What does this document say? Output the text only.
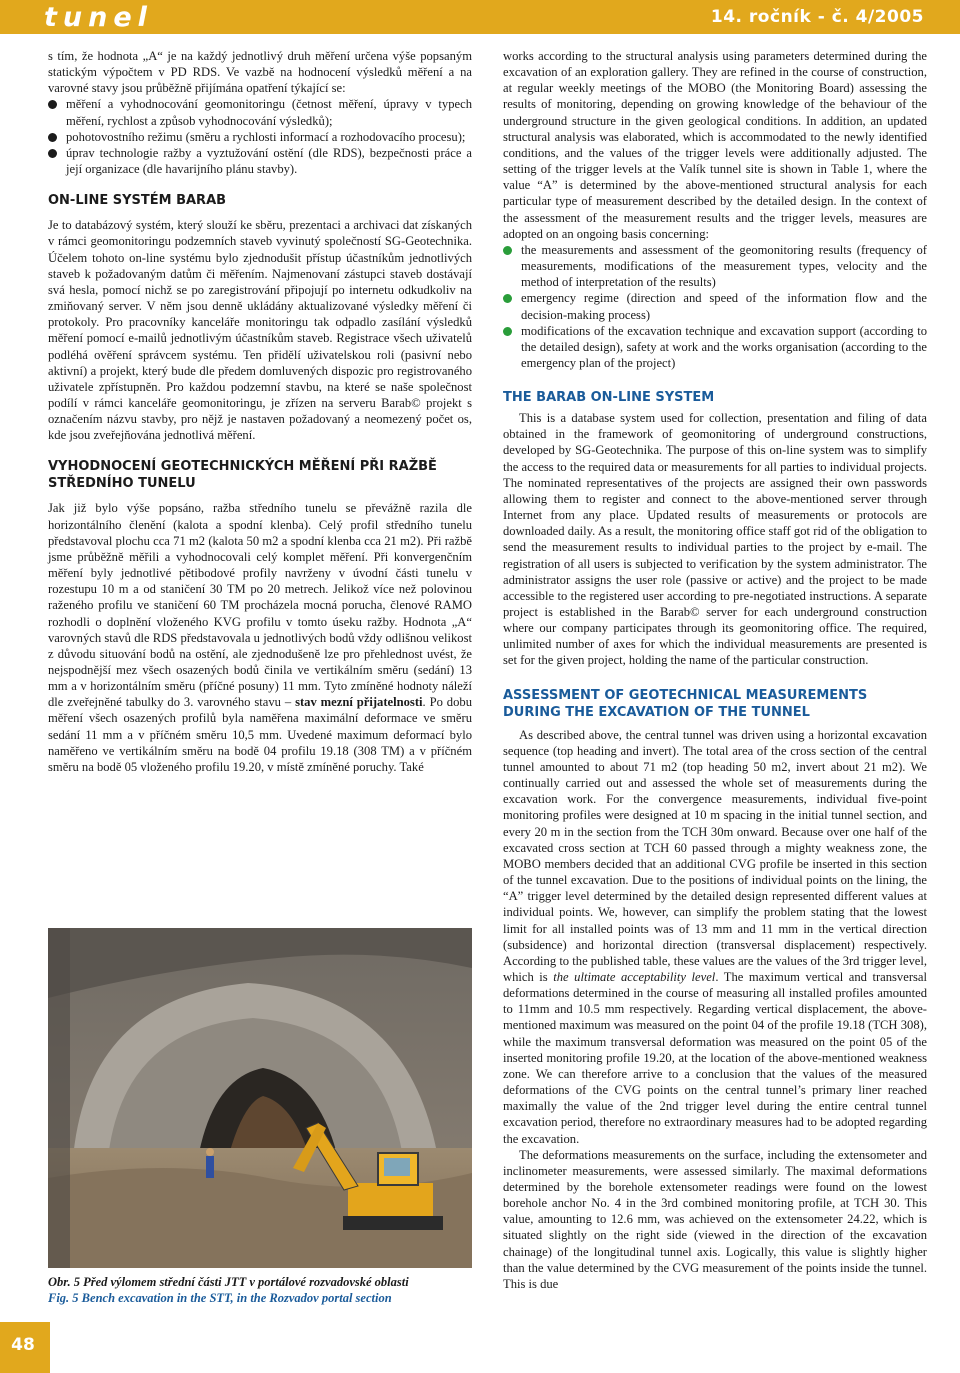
tunel	14. ročník - č. 4/2005

s tím, že hodnota „A“ je na každý jednotlivý druh měření určena výše popsaným statickým výpočtem v PD RDS. Ve vazbě na hodnocení výsledků měření a na varovné stavy jsou průběžně přijímána opatření týkající se:

měření a vyhodnocování geomonitoringu (četnost měření, úpravy v typech měření, rychlost a způsob vyhodnocování výsledků);

pohotovostního režimu (směru a rychlosti informací a rozhodovacího procesu);

úprav technologie ražby a vyztužování ostění (dle RDS), bezpečnosti práce a její organizace (dle havarijního plánu stavby).

ON-LINE SYSTÉM BARAB

Je to databázový systém, který slouží ke sběru, prezentaci a archivaci dat získaných v rámci geomonitoringu podzemních staveb vyvinutý společností SG-Geotechnika. Účelem tohoto on-line systému bylo zjednodušit přístup účastníkům jednotlivých staveb k požadovaným datům či měřením. Najmenovaní zástupci staveb dostávají svá hesla, pomocí nichž se po zaregistrování připojují po internetu odkudkoliv na zmiňovaný server. V něm jsou denně ukládány aktualizované výsledky měření či protokoly. Pro pracovníky kanceláře monitoringu tak odpadlo zasílání výsledků měření pomocí e-mailů jednotlivým účastníkům staveb. Registrace všech uživatelů podléhá ověření správcem systému. Ten přidělí uživatelskou roli (pasivní nebo aktivní) a projekt, který bude dle předem domluvených dispozic pro registrovaného uživatele zpřístupněn. Pro každou podzemní stavbu, na které se naše společnost podílí v rámci kanceláře geomonitoringu, je zřízen na serveru Barab© projekt s označením názvu stavby, pro nějž je nastaven požadovaný a neomezený počet os, kde jsou zveřejňována jednotlivá měření.

VYHODNOCENÍ GEOTECHNICKÝCH MĚŘENÍ PŘI RAŽBĚ STŘEDNÍHO TUNELU

Jak již bylo výše popsáno, ražba středního tunelu se převážně razila dle horizontálního členění (kalota a spodní klenba). Celý profil středního tunelu představoval plochu cca 71 m2 (kalota 50 m2 a spodní klenba cca 21 m2). Při ražbě jsme průběžně měřili a vyhodnocovali celý komplet měření. Při konvergenčním měření byly jednotlivé pětibodové profily navrženy v úvodní části tunelu v rozestupu 10 m a od staničení 30 TM po 20 metrech. Jelikož více než polovinou raženého profilu ve staničení 60 TM procházela mocná porucha, členové RAMO rozhodli o doplnění vloženého KVG profilu v tomto úseku ražby. Hodnota „A“ varovných stavů dle RDS představovala u jednotlivých bodů vždy odlišnou velikost z důvodu situování bodů na ostění, ale zjednodušeně lze pro přehlednost uvést, že nejspodnější mez všech osazených bodů činila ve vertikálním směru (sedání) 13 mm a v horizontálním směru (příčné posuny) 11 mm. Tyto zmíněné hodnoty náleží dle zveřejněné tabulky do 3. varovného stavu – stav mezní přijatelnosti. Po dobu měření všech osazených profilů byla naměřena maximální deformace ve směru sedání 11 mm a v příčném směru 10,5 mm. Uvedené maximum deformací bylo naměřeno ve vertikálním směru na bodě 04 profilu 19.18 (308 TM) a v příčném směru na bodě 05 vloženého profilu 19.20, v místě zmíněné poruchy. Také

Obr. 5 Před výlomem střední části JTT v portálové rozvadovské oblasti
Fig. 5 Bench excavation in the STT, in the Rozvadov portal section

works according to the structural analysis using parameters determined during the excavation of an exploration gallery. They are refined in the course of construction, at regular weekly meetings of the MOBO (the Monitoring Board) assessing the results of monitoring, depending on growing knowledge of the behaviour of the underground structure in the given geological conditions. In addition, an updated structural analysis was elaborated, which is accommodated to the newly identified conditions, and the values of the trigger levels were additionally adjusted. The setting of the trigger levels at the Valík tunnel site is shown in Table 1, where the value “A” is determined by the above-mentioned structural analysis for each particular type of measurement described by the detailed design. In the context of the assessment of the measurement results and the trigger levels, measures are adopted on an ongoing basis concerning:

the measurements and assessment of the geomonitoring results (frequency of measurements, modifications of the measurement types, velocity and the method of interpretation of the results)

emergency regime (direction and speed of the information flow and the decision-making process)

modifications of the excavation technique and excavation support (according to the detailed design), safety at work and the works organisation (according to the emergency plan of the project)

THE BARAB ON-LINE SYSTEM

This is a database system used for collection, presentation and filing of data obtained in the framework of geomonitoring of underground constructions, developed by SG-Geotechnika. The purpose of this on-line system was to simplify the access to the required data or measurements for all parties to individual projects. The nominated representatives of the projects are assigned their own passwords allowing them to register and connect to the above-mentioned server through Internet from any place. Updated results of measurements or protocols are downloaded daily. As a result, the monitoring office staff got rid of the obligation to send the measurement results to individual parties to the project by e-mail. The registration of all users is subjected to verification by the system administrator. The administrator assigns the user role (passive or active) and the project to be made accessible to the registered user according to pre-negotiated instructions. A separate project is established in the Barab© server for each underground construction where our company participates through its geomonitoring office. The required, unlimited number of axes for which the individual measurements are presented is set for the given project, holding the name of the particular construction.

ASSESSMENT OF GEOTECHNICAL MEASUREMENTS DURING THE EXCAVATION OF THE TUNNEL

As described above, the central tunnel was driven using a horizontal excavation sequence (top heading and invert). The total area of the cross section of the central tunnel amounted to about 71 m2 (top heading 50 m2, invert about 21 m2). We continually carried out and assessed the whole set of measurements during the excavation work. For the convergence measurements, individual five-point monitoring profiles were designed at 10 m spacing in the initial tunnel section, and every 20 m in the section from the TCH 30m onward. Because over one half of the excavated cross section at TCH 60 passed through a mighty weakness zone, the MOBO members decided that an additional CVG profile be inserted in this section of the tunnel excavation. Due to the positions of individual points on the lining, the “A” trigger level determined by the detailed design represented different values at individual points. We, however, can simplify the problem stating that the lowest limit for all installed points was of 13 mm and 11 mm in the vertical direction (subsidence) and horizontal direction (transversal displacement) respectively. According to the published table, these values are the values of the 3rd trigger level, which is the ultimate acceptability level. The maximum vertical and transversal deformations determined in the course of measuring all installed profiles amounted to 11mm and 10.5 mm respectively. Regarding vertical displacement, the above-mentioned maximum was measured on the point 04 of the profile 19.18 (TCH 308), while the maximum transversal deformation was measured on the point 05 of the inserted monitoring profile 19.20, at the location of the above-mentioned weakness zone. We can therefore arrive to a conclusion that the values of the measured deformations of the CVG points on the central tunnel’s primary liner reached maximally the value of the 2nd trigger level during the entire central tunnel excavation period, therefore no extraordinary measures had to be adopted regarding the excavation.

The deformations measurements on the surface, including the extensometer and inclinometer measurements, were assessed similarly. The maximal deformations determined by the borehole extensometer readings were found on the lowest borehole anchor No. 4 in the 3rd combined monitoring profile, at TCH 30. This value, amounting to 12.6 mm, was achieved on the extensometer 24.22, which is situated slightly on the right side (viewed in the direction of the excavation chainage) of the longitudinal tunnel axis. Logically, this value is slightly higher than the value determined by the CVG measurement of the points inside the tunnel. This is due

48
